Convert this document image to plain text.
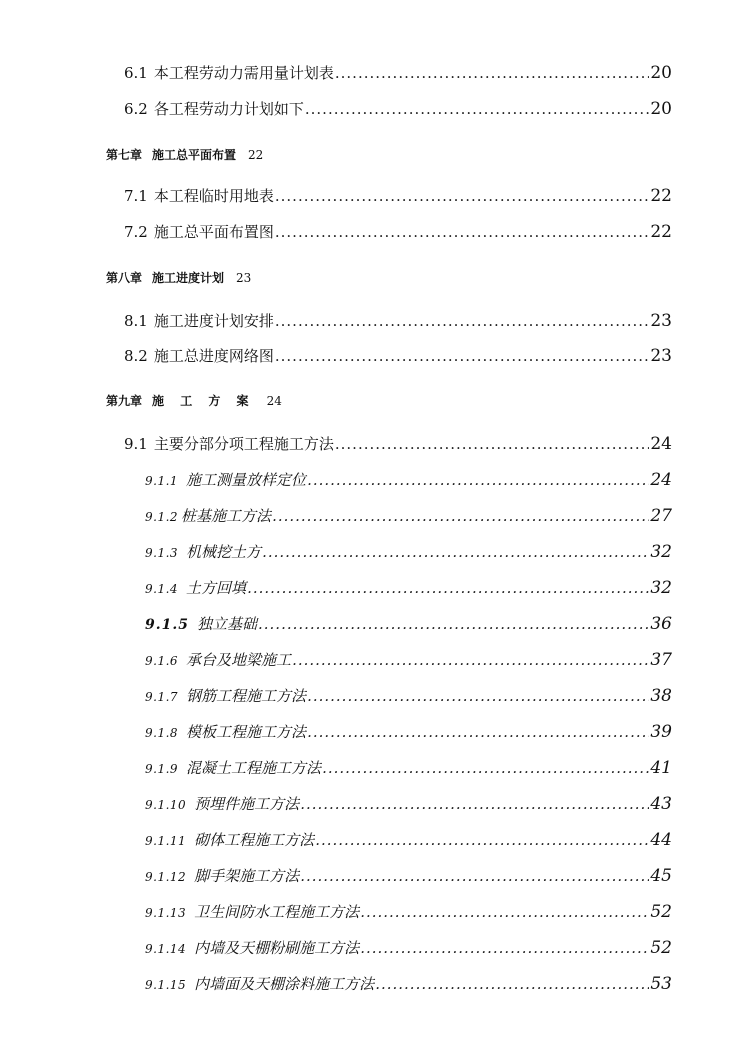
6.1 本工程劳动力需用量计划表 .....	20
6.2 各工程劳动力计划如下 .....	20
第七章 施工总平面布置 22
7.1 本工程临时用地表 .....	22
7.2 施工总平面布置图 .....	22
第八章 施工进度计划 23
8.1 施工进度计划安排 .....	23
8.2 施工总进度网络图 .....	23
第九章 施 工 方 案 24
9.1 主要分部分项工程施工方法 .....	24
9.1.1 施工测量放样定位 .....	24
9.1.2 桩基施工方法 .....	27
9.1.3 机械挖土方 .....	32
9.1.4 土方回填 .....	32
9.1.5 独立基础 .....	36
9.1.6 承台及地梁施工 .....	37
9.1.7 钢筋工程施工方法 .....	38
9.1.8 模板工程施工方法 .....	39
9.1.9 混凝土工程施工方法 .....	41
9.1.10 预埋件施工方法 .....	43
9.1.11 砌体工程施工方法 .....	44
9.1.12 脚手架施工方法 .....	45
9.1.13 卫生间防水工程施工方法 .....	52
9.1.14 内墙及天棚粉刷施工方法 .....	52
9.1.15 内墙面及天棚涂料施工方法 .....	53
